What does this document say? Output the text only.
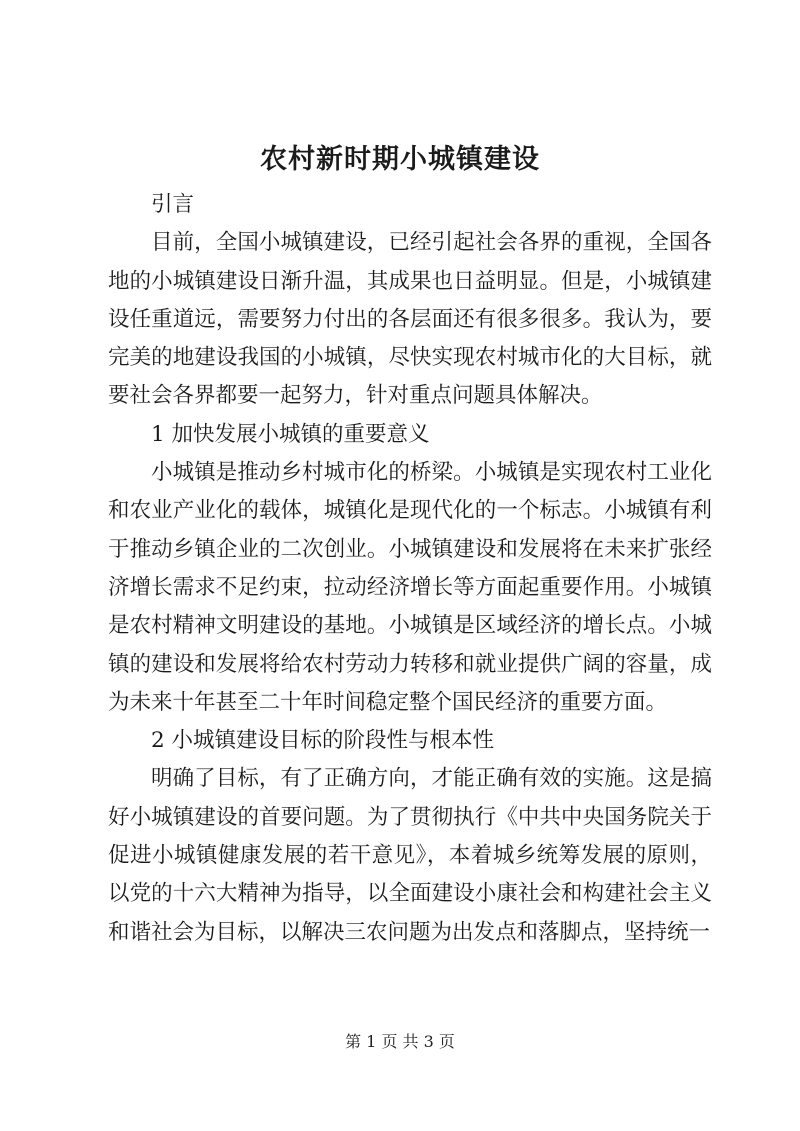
农村新时期小城镇建设

引言

目前，全国小城镇建设，已经引起社会各界的重视，全国各地的小城镇建设日渐升温，其成果也日益明显。但是，小城镇建设任重道远，需要努力付出的各层面还有很多很多。我认为，要完美的地建设我国的小城镇，尽快实现农村城市化的大目标，就要社会各界都要一起努力，针对重点问题具体解决。

1 加快发展小城镇的重要意义

小城镇是推动乡村城市化的桥梁。小城镇是实现农村工业化和农业产业化的载体，城镇化是现代化的一个标志。小城镇有利于推动乡镇企业的二次创业。小城镇建设和发展将在未来扩张经济增长需求不足约束，拉动经济增长等方面起重要作用。小城镇是农村精神文明建设的基地。小城镇是区域经济的增长点。小城镇的建设和发展将给农村劳动力转移和就业提供广阔的容量，成为未来十年甚至二十年时间稳定整个国民经济的重要方面。

2 小城镇建设目标的阶段性与根本性

明确了目标，有了正确方向，才能正确有效的实施。这是搞好小城镇建设的首要问题。为了贯彻执行《中共中央国务院关于促进小城镇健康发展的若干意见》，本着城乡统筹发展的原则，以党的十六大精神为指导，以全面建设小康社会和构建社会主义和谐社会为目标，以解决三农问题为出发点和落脚点，坚持统一

第 1 页 共 3 页
